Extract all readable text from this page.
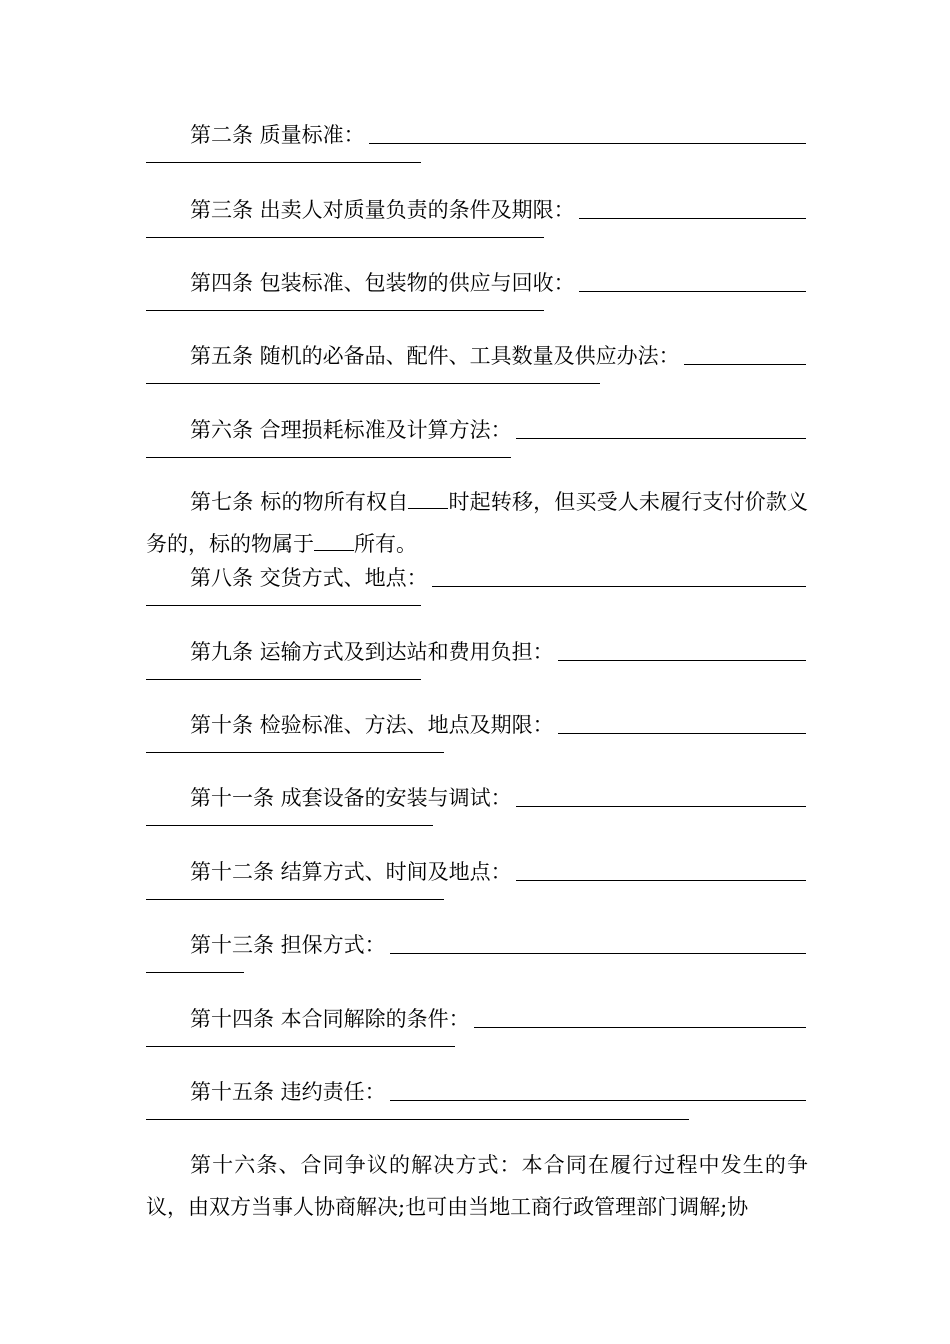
第二条 质量标准：
第三条 出卖人对质量负责的条件及期限：
第四条 包装标准、包装物的供应与回收：
第五条 随机的必备品、配件、工具数量及供应办法：
第六条 合理损耗标准及计算方法：
第七条 标的物所有权自 时起转移，但买受人未履行支付价款义务的，标的物属于 所有。
第八条 交货方式、地点：
第九条 运输方式及到达站和费用负担：
第十条 检验标准、方法、地点及期限：
第十一条 成套设备的安装与调试：
第十二条 结算方式、时间及地点：
第十三条 担保方式：
第十四条 本合同解除的条件：
第十五条 违约责任：
第十六条、合同争议的解决方式：本合同在履行过程中发生的争议，由双方当事人协商解决;也可由当地工商行政管理部门调解;协
